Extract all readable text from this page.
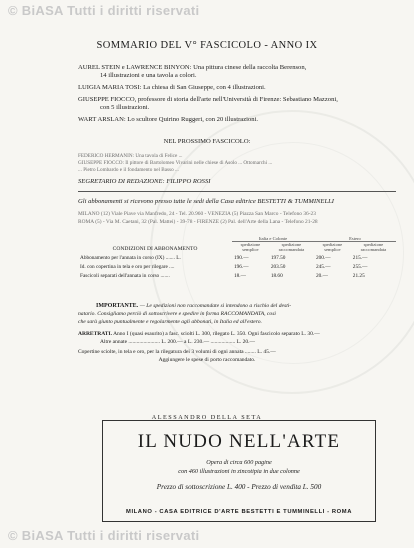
© BiASA Tutti i diritti riservati
SOMMARIO DEL V° FASCICOLO - ANNO IX
AUREL STEIN e LAWRENCE BINYON: Una pittura cinese della raccolta Berenson,
14 illustrazioni e una tavola a colori.
LUIGIA MARIA TOSI: La chiesa di San Giuseppe, con 4 illustrazioni.
GIUSEPPE FIOCCO, professore di storia dell'arte nell'Università di Firenze: Sebastiano Mazzoni,
con 5 illustrazioni.
WART ARSLAN: Lo scultore Quirino Ruggeri, con 20 illustrazioni.
NEL PROSSIMO FASCICOLO:
FEDERICO HERMANIN: Una tavola di Felice ...
GIUSEPPE FIOCCO: Il pittore di Bartolomeo Vivarini nelle chiese di Asolo ... Ottomarchi ...
... Pietro Lombardo e il fondamento nel Basso ...
SEGRETARIO DI REDAZIONE: FILIPPO ROSSI
Gli abbonamenti si ricevono presso tutte le sedi della Casa editrice BESTETTI & TUMMINELLI
MILANO (12) Viale Piave via Manfredo, 24 - Tel. 20.960 - VENEZIA (5) Piazza San Marco - Telefono 36-23
ROMA (5) - Via M. Caetani, 32 (Pal. Mattei) - 39-78 - FIRENZE (2) Pal. dell'Arte della Lana - Telefono 21-28
CONDIZIONI DI ABBONAMENTO	Italia e Colonie		Estero	
	spedizione semplice	spedizione raccomandata	spedizione semplice	spedizione raccomandata
Abbonamento per l'annata in corso (IX) ....... L.	190.—	197.50	200.—	215.—
Id. con copertina in tela e oro per rilegare ....	196.—	203.50	245.—	255.—
Fascicoli separati dell'annata in corso .......	18.—	18.60	20.—	21.25
IMPORTANTE. — Le spedizioni non raccomandate si intendono a rischio del desti-
natario. Consigliamo perciò di sottoscrivere e spedire in forma RACCOMANDATA, così
che sarà giunto puntualmente e regolarmente agli abbonati, in Italia ed all'estero.
ARRETRATI. Anno I (quasi esaurito) a fasc. sciolti L. 300, rilegato L. 350. Ogni fascicolo separato L. 30.—
Altre annate ....................... L. 200.— a L. 230.— .................. L. 20.—
Copertine sciolte, in tela e oro, per la rilegatura dei 3 volumi di ogni annata ........ L. 45.—
Aggiungere le spese di porto raccomandato.
ALESSANDRO DELLA SETA
IL NUDO NELL'ARTE
Opera di circa 600 pagine
con 460 illustrazioni in zincotipia in due colonne
Prezzo di sottoscrizione L. 400 - Prezzo di vendita L. 500
MILANO - CASA EDITRICE D'ARTE BESTETTI E TUMMINELLI - ROMA
© BiASA Tutti i diritti riservati
